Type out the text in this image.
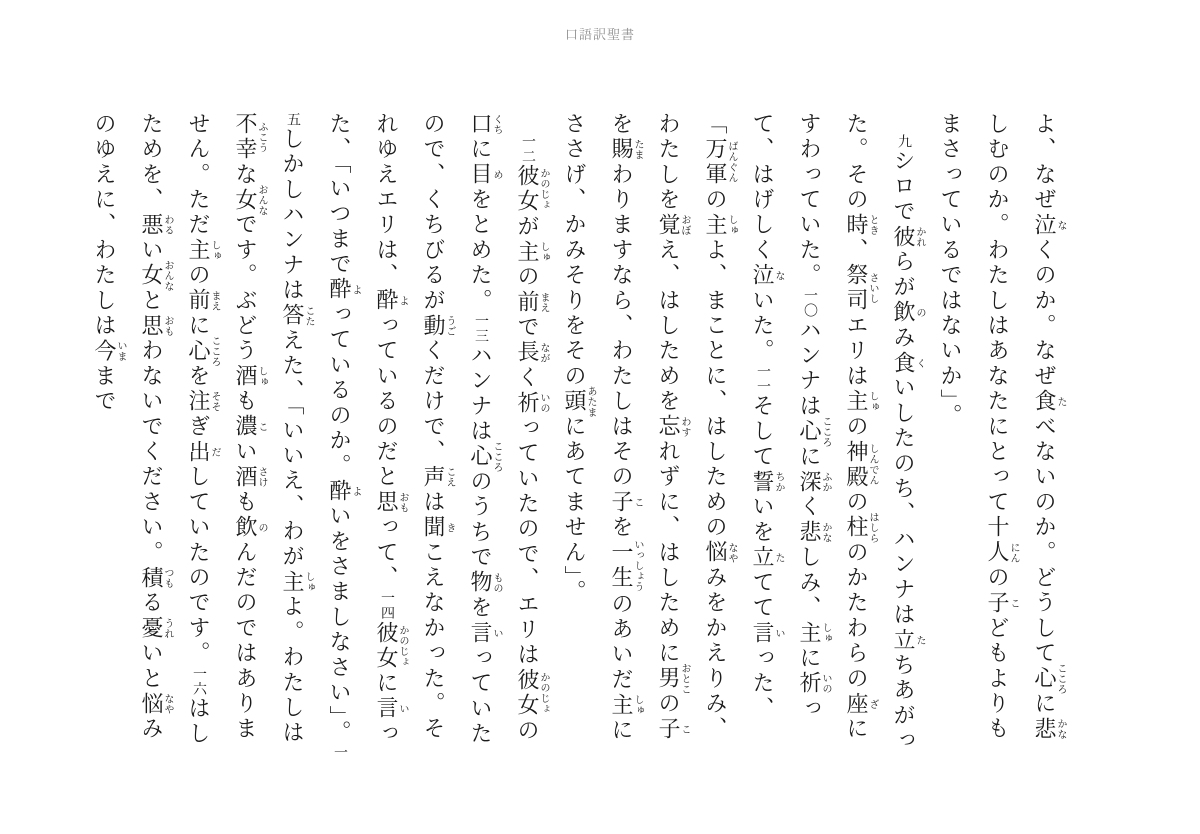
口語訳聖書

よ、なぜ泣なくのか。なぜ食たべないのか。どうして心こころに悲かなしむのか。わたしはあなたにとって十人にんの子こどもよりもまさっているではないか」。

九シロで彼かれらが飲のみ食くいしたのち、ハンナは立たちあがった。その時とき、祭司さいしエリは主しゅの神殿しんでんの柱はしらのかたわらの座ざにすわっていた。一〇ハンナは心こころに深ふかく悲かなしみ、主しゅに祈いのって、はげしく泣ないた。一一そして誓ちかいを立たてて言いった、「万軍ばんぐんの主しゅよ、まことに、はしための悩なやみをかえりみ、わたしを覚おぼえ、はしためを忘わすれずに、はしために男おとこの子こを賜たまわりますなら、わたしはその子こを一生いっしょうのあいだ主しゅにささげ、かみそりをその頭あたまにあてません」。

一二彼女かのじょが主しゅの前まえで長ながく祈いのっていたので、エリは彼女かのじょの口くちに目めをとめた。一三ハンナは心こころのうちで物ものを言いっていたので、くちびるが動うごくだけで、声こえは聞きこえなかった。それゆえエリは、酔よっているのだと思おもって、一四彼女かのじょに言いった、「いつまで酔よっているのか。酔よいをさましなさい」。一五しかしハンナは答こたえた、「いいえ、わが主しゅよ。わたしは不幸ふこうな女おんなです。ぶどう酒しゅも濃こい酒さけも飲のんだのではありません。ただ主しゅの前まえに心こころを注そそぎ出だしていたのです。一六はしためを、悪わるい女おんなと思おもわないでください。積つもる憂うれいと悩なやみのゆえに、わたしは今いままで
